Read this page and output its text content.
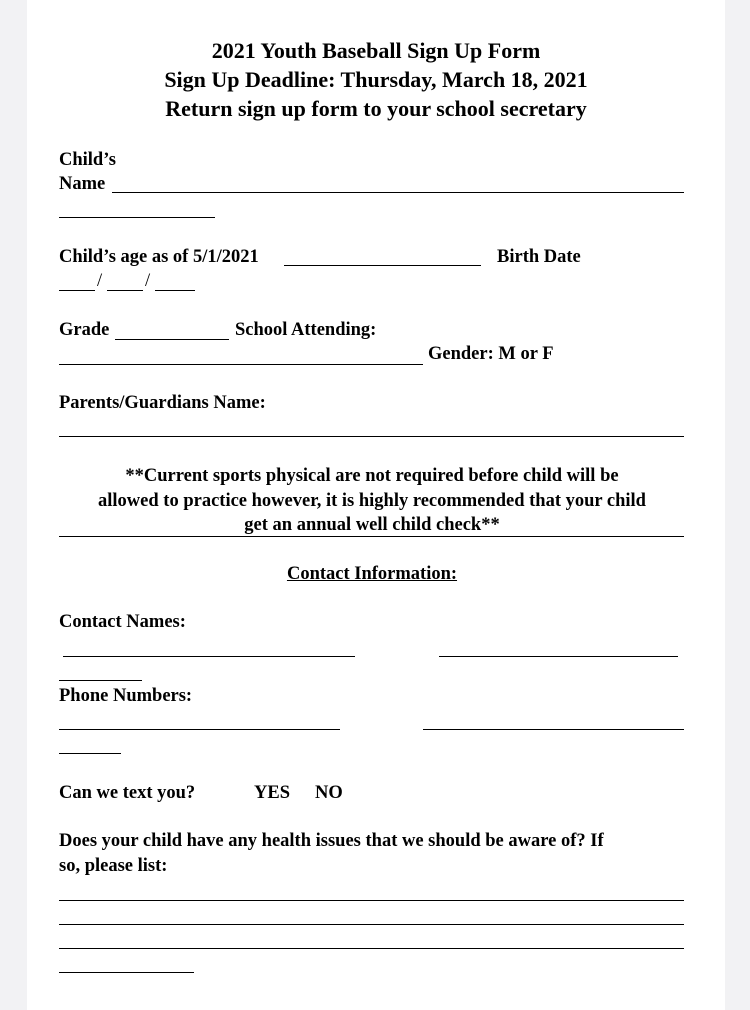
2021 Youth Baseball Sign Up Form
Sign Up Deadline: Thursday, March 18, 2021
Return sign up form to your school secretary
Child’s
Name
Child’s age as of 5/1/2021	Birth Date
/ /
Grade	School Attending:
Gender: M or F
Parents/Guardians Name:
**Current sports physical are not required before child will be
allowed to practice however, it is highly recommended that your child
get an annual well child check**
Contact Information:
Contact Names:
Phone Numbers:
Can we text you?	YES NO
Does your child have any health issues that we should be aware of? If
so, please list:
